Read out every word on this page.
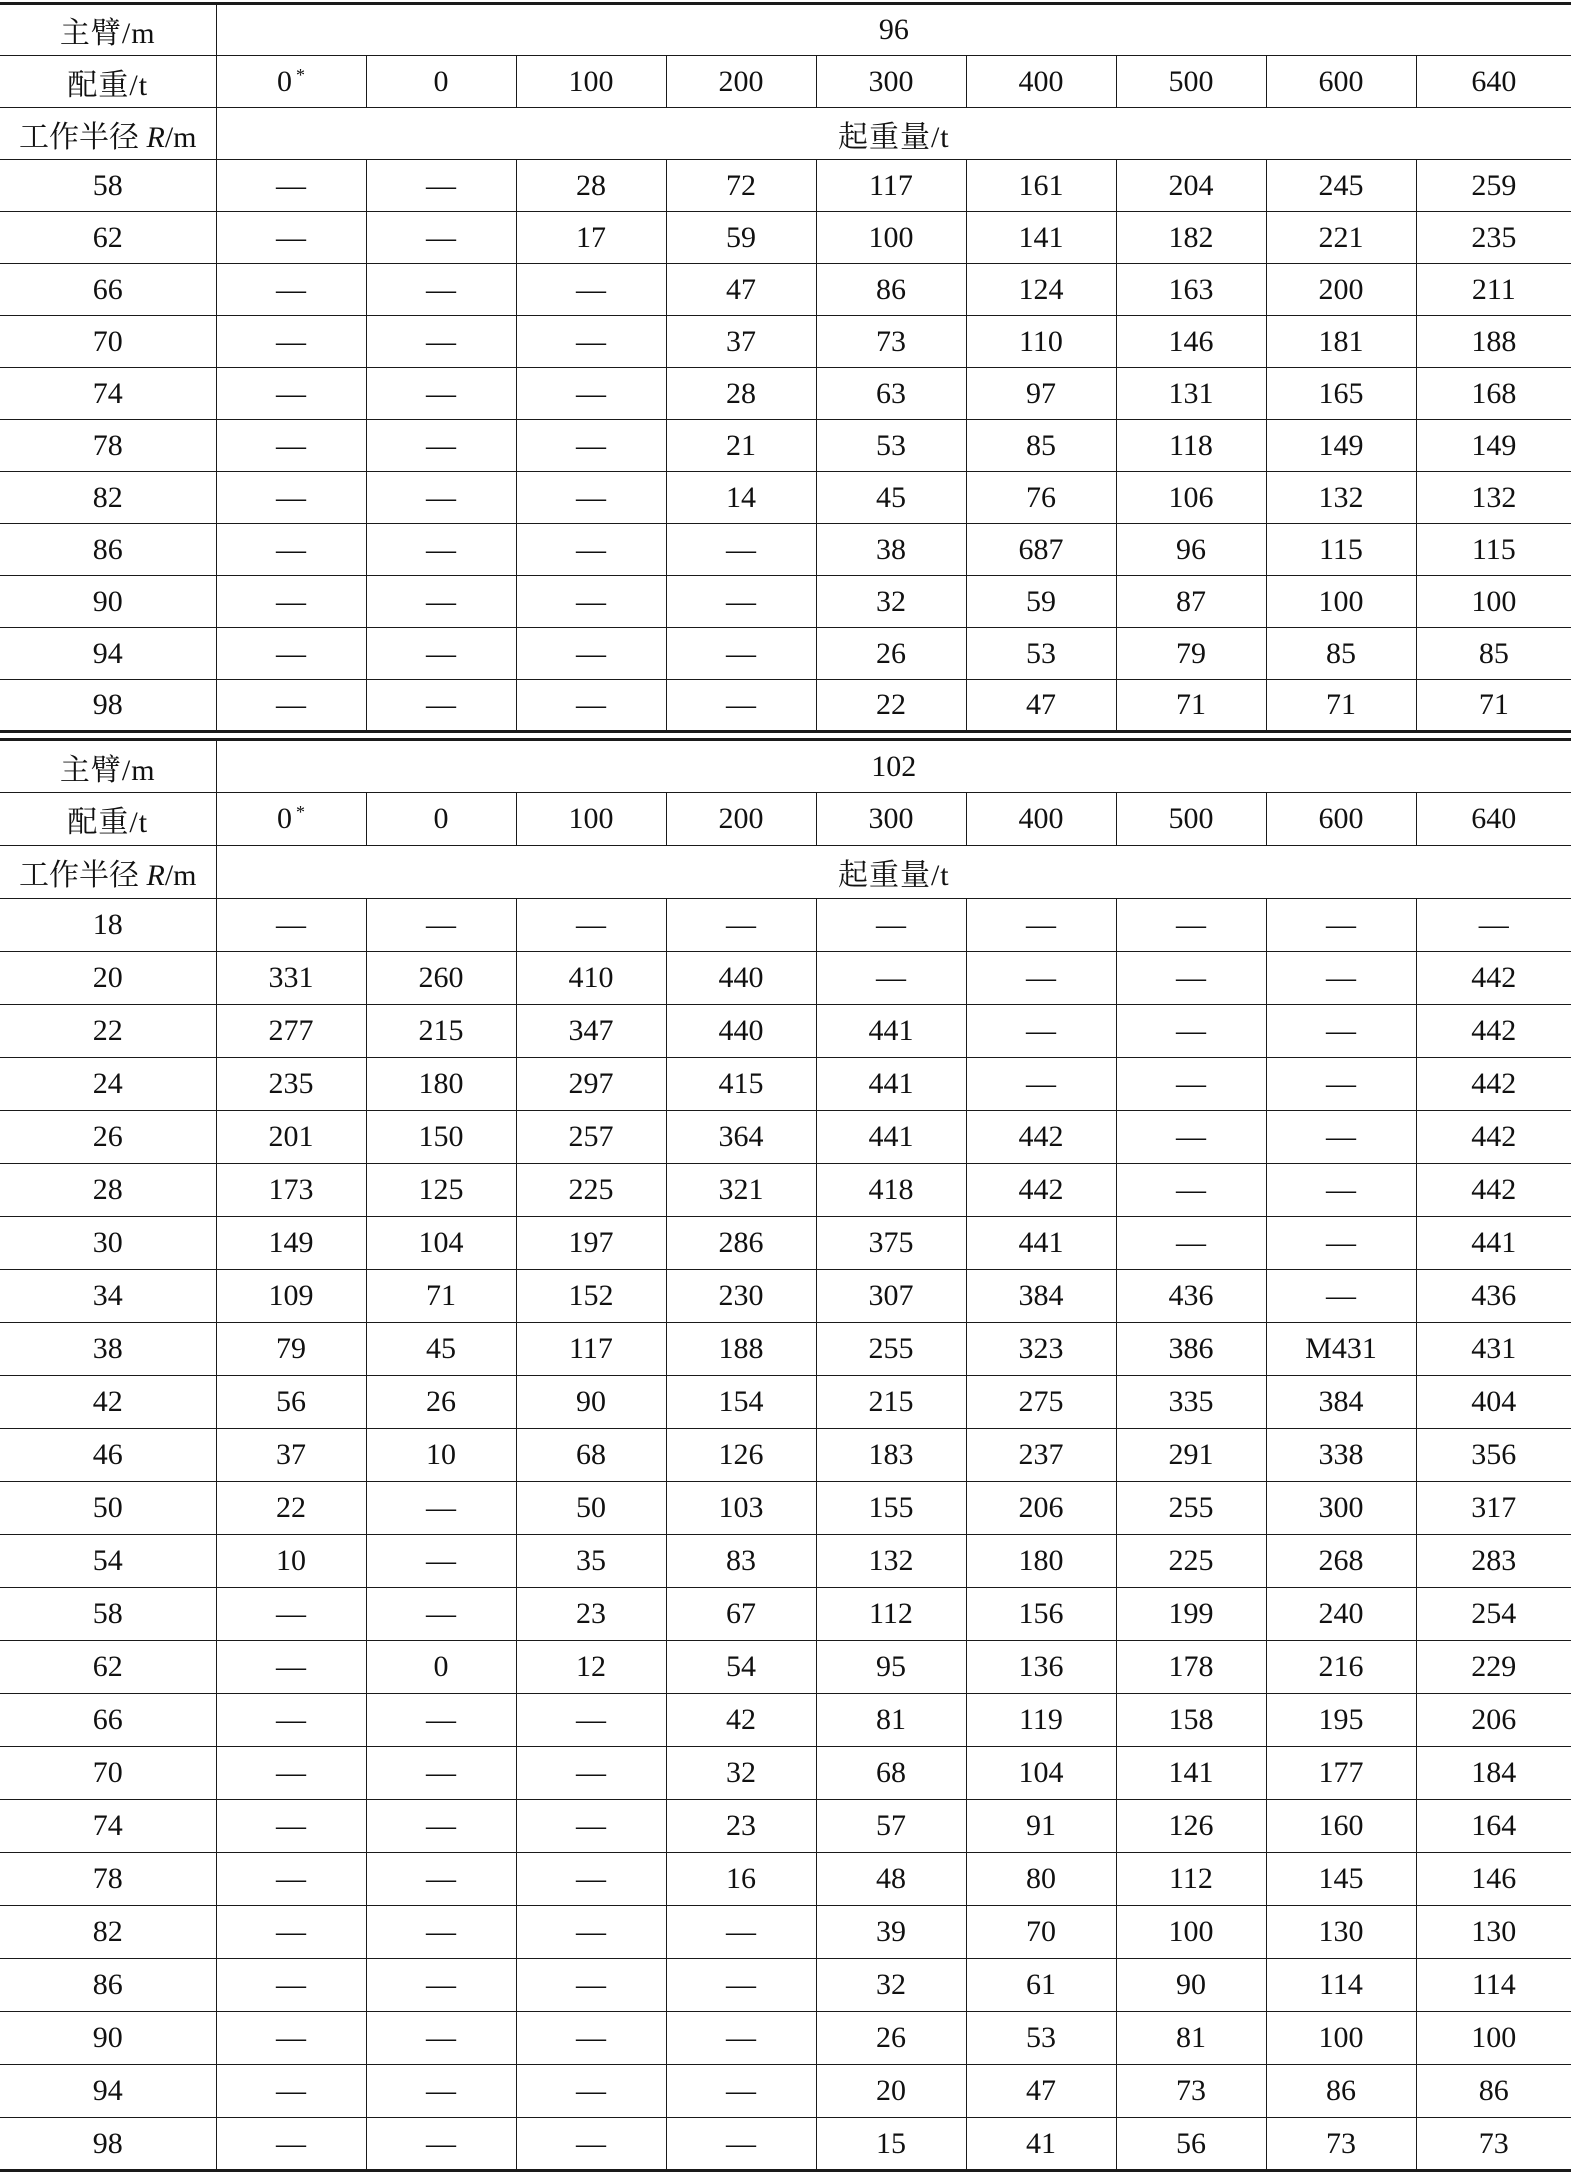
主臂/m	96								
配重/t	0 *	0	100	200	300	400	500	600	640
工作半径 R/m	起重量/t								
58	—	—	28	72	117	161	204	245	259
62	—	—	17	59	100	141	182	221	235
66	—	—	—	47	86	124	163	200	211
70	—	—	—	37	73	110	146	181	188
74	—	—	—	28	63	97	131	165	168
78	—	—	—	21	53	85	118	149	149
82	—	—	—	14	45	76	106	132	132
86	—	—	—	—	38	687	96	115	115
90	—	—	—	—	32	59	87	100	100
94	—	—	—	—	26	53	79	85	85
98	—	—	—	—	22	47	71	71	71
主臂/m	102								
配重/t	0 *	0	100	200	300	400	500	600	640
工作半径 R/m	起重量/t								
18	—	—	—	—	—	—	—	—	—
20	331	260	410	440	—	—	—	—	442
22	277	215	347	440	441	—	—	—	442
24	235	180	297	415	441	—	—	—	442
26	201	150	257	364	441	442	—	—	442
28	173	125	225	321	418	442	—	—	442
30	149	104	197	286	375	441	—	—	441
34	109	71	152	230	307	384	436	—	436
38	79	45	117	188	255	323	386	M431	431
42	56	26	90	154	215	275	335	384	404
46	37	10	68	126	183	237	291	338	356
50	22	—	50	103	155	206	255	300	317
54	10	—	35	83	132	180	225	268	283
58	—	—	23	67	112	156	199	240	254
62	—	0	12	54	95	136	178	216	229
66	—	—	—	42	81	119	158	195	206
70	—	—	—	32	68	104	141	177	184
74	—	—	—	23	57	91	126	160	164
78	—	—	—	16	48	80	112	145	146
82	—	—	—	—	39	70	100	130	130
86	—	—	—	—	32	61	90	114	114
90	—	—	—	—	26	53	81	100	100
94	—	—	—	—	20	47	73	86	86
98	—	—	—	—	15	41	56	73	73
